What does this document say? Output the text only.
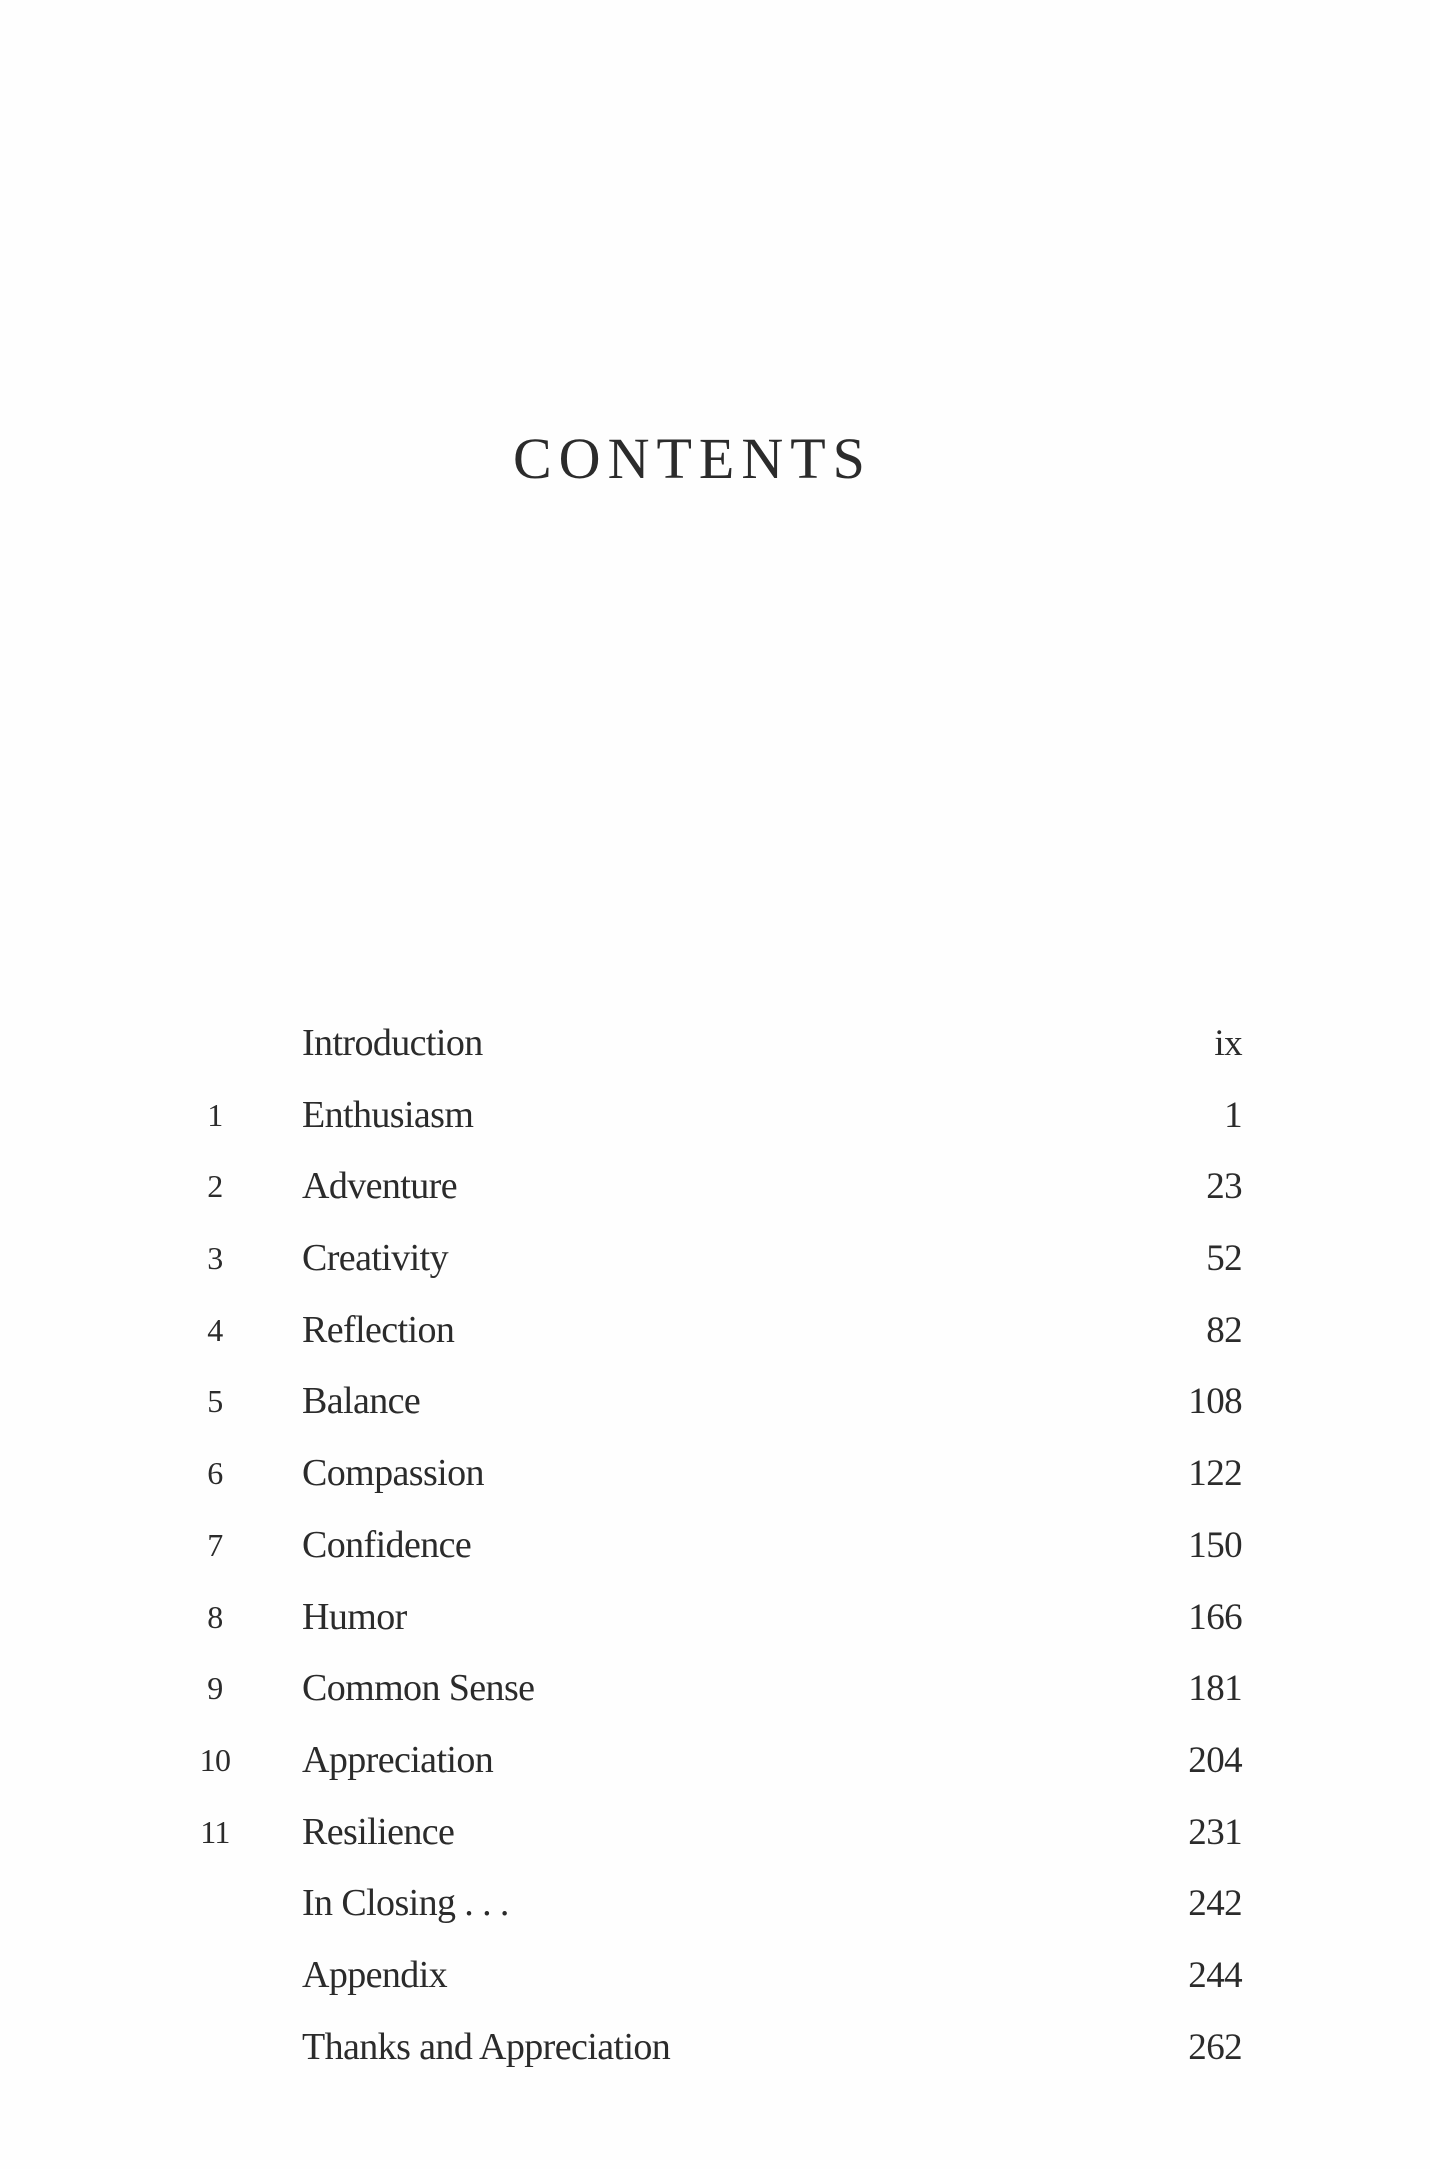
CONTENTS
Introduction	ix
1	Enthusiasm	1
2	Adventure	23
3	Creativity	52
4	Reflection	82
5	Balance	108
6	Compassion	122
7	Confidence	150
8	Humor	166
9	Common Sense	181
10	Appreciation	204
11	Resilience	231
In Closing . . .	242
Appendix	244
Thanks and Appreciation	262
